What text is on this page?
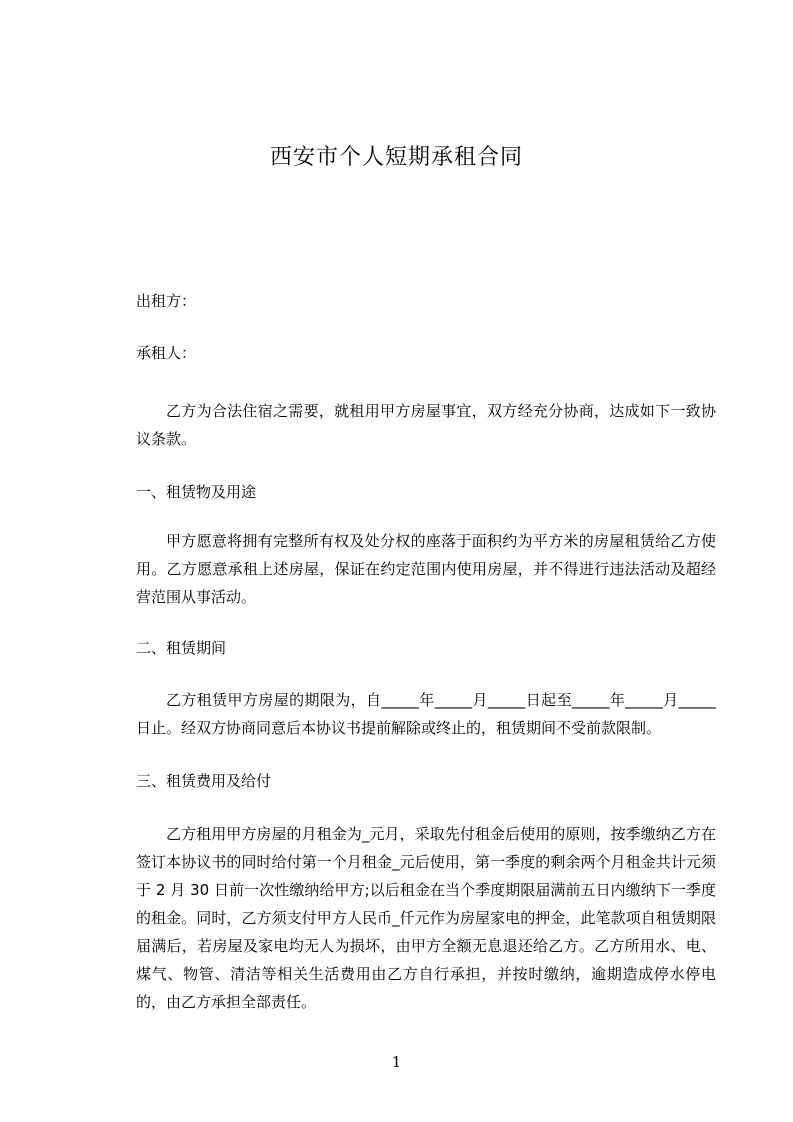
西安市个人短期承租合同
出租方：
承租人：
乙方为合法住宿之需要，就租用甲方房屋事宜，双方经充分协商，达成如下一致协议条款。
一、租赁物及用途
甲方愿意将拥有完整所有权及处分权的座落于面积约为平方米的房屋租赁给乙方使用。乙方愿意承租上述房屋，保证在约定范围内使用房屋，并不得进行违法活动及超经营范围从事活动。
二、租赁期间
乙方租赁甲方房屋的期限为，自_____年_____月_____日起至_____年_____月_____日止。经双方协商同意后本协议书提前解除或终止的，租赁期间不受前款限制。
三、租赁费用及给付
乙方租用甲方房屋的月租金为_元月，采取先付租金后使用的原则，按季缴纳乙方在签订本协议书的同时给付第一个月租金_元后使用，第一季度的剩余两个月租金共计元须于 2 月 30 日前一次性缴纳给甲方;以后租金在当个季度期限届满前五日内缴纳下一季度的租金。同时，乙方须支付甲方人民币_仟元作为房屋家电的押金，此笔款项自租赁期限届满后，若房屋及家电均无人为损坏，由甲方全额无息退还给乙方。乙方所用水、电、煤气、物管、清洁等相关生活费用由乙方自行承担，并按时缴纳，逾期造成停水停电的，由乙方承担全部责任。
1
